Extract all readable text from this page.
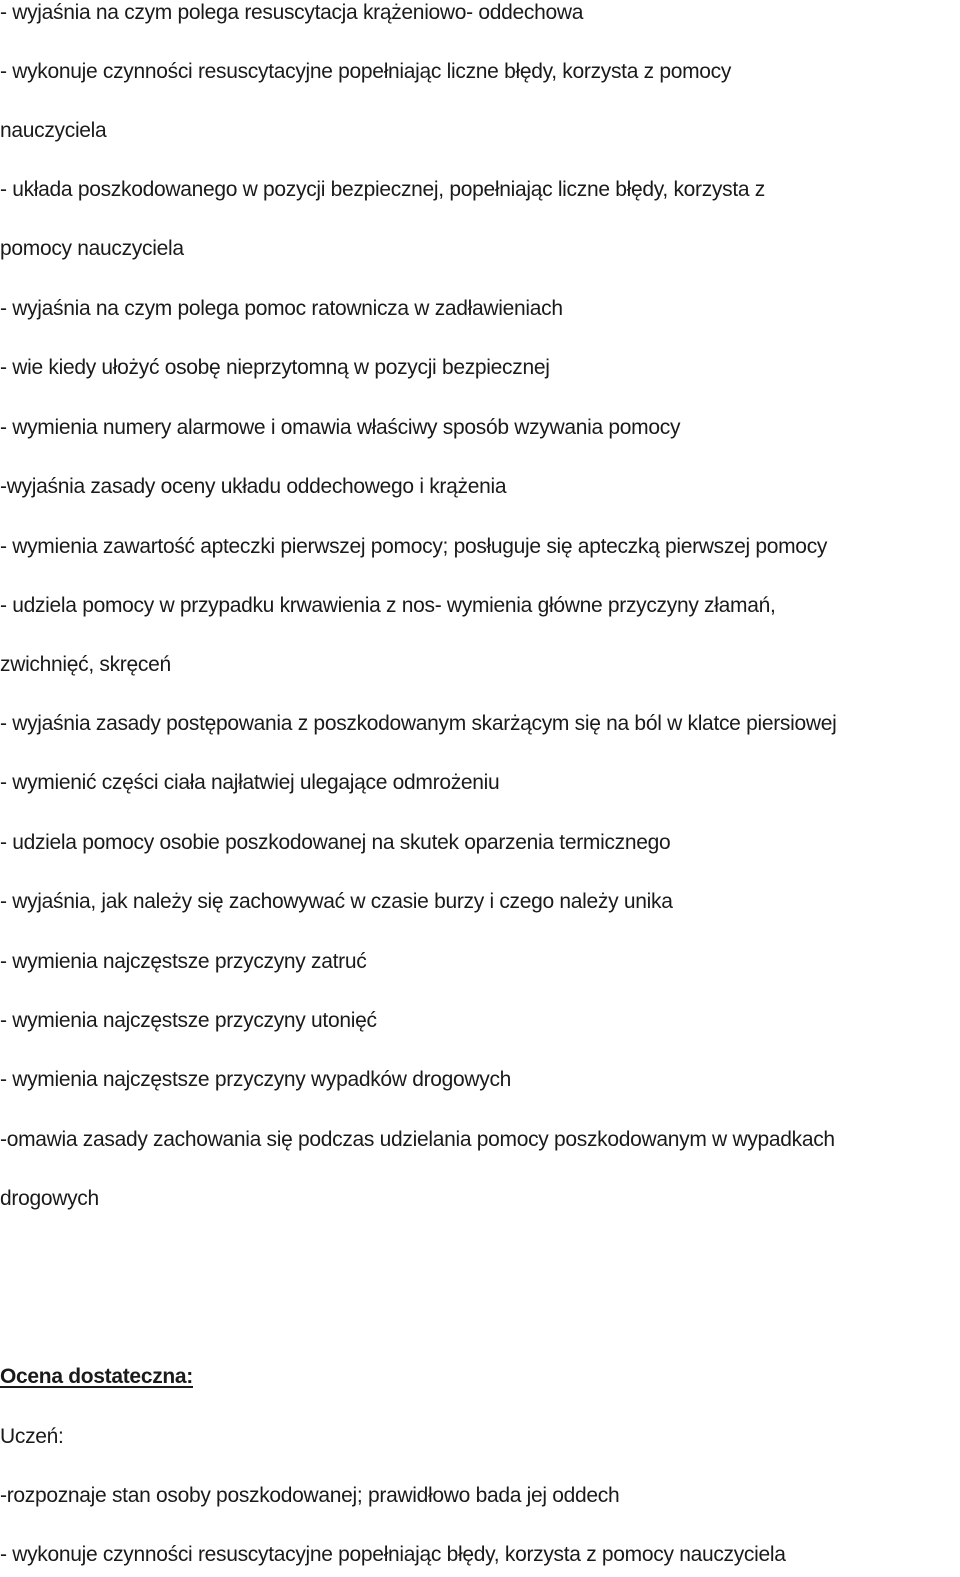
- wyjaśnia na czym polega resuscytacja krążeniowo- oddechowa
- wykonuje czynności resuscytacyjne popełniając liczne błędy, korzysta z pomocy
nauczyciela
- układa poszkodowanego w pozycji bezpiecznej, popełniając liczne błędy, korzysta z
pomocy nauczyciela
- wyjaśnia na czym polega pomoc ratownicza w zadławieniach
- wie kiedy ułożyć osobę nieprzytomną w pozycji bezpiecznej
- wymienia numery alarmowe i omawia właściwy sposób wzywania pomocy
-wyjaśnia zasady oceny układu oddechowego i krążenia
- wymienia zawartość apteczki pierwszej pomocy; posługuje się apteczką pierwszej pomocy
- udziela pomocy w przypadku krwawienia z nos- wymienia główne przyczyny złamań,
zwichnięć, skręceń
- wyjaśnia zasady postępowania z poszkodowanym skarżącym się na ból w klatce piersiowej
- wymienić części ciała najłatwiej ulegające odmrożeniu
- udziela pomocy osobie poszkodowanej na skutek oparzenia termicznego
- wyjaśnia, jak należy się zachowywać w czasie burzy i czego należy unika
- wymienia najczęstsze przyczyny zatruć
- wymienia najczęstsze przyczyny utonięć
- wymienia najczęstsze przyczyny wypadków drogowych
-omawia zasady zachowania się podczas udzielania pomocy poszkodowanym w wypadkach
drogowych
Ocena dostateczna:
Uczeń:
-rozpoznaje stan osoby poszkodowanej; prawidłowo bada jej oddech
- wykonuje czynności resuscytacyjne popełniając błędy, korzysta z pomocy nauczyciela
